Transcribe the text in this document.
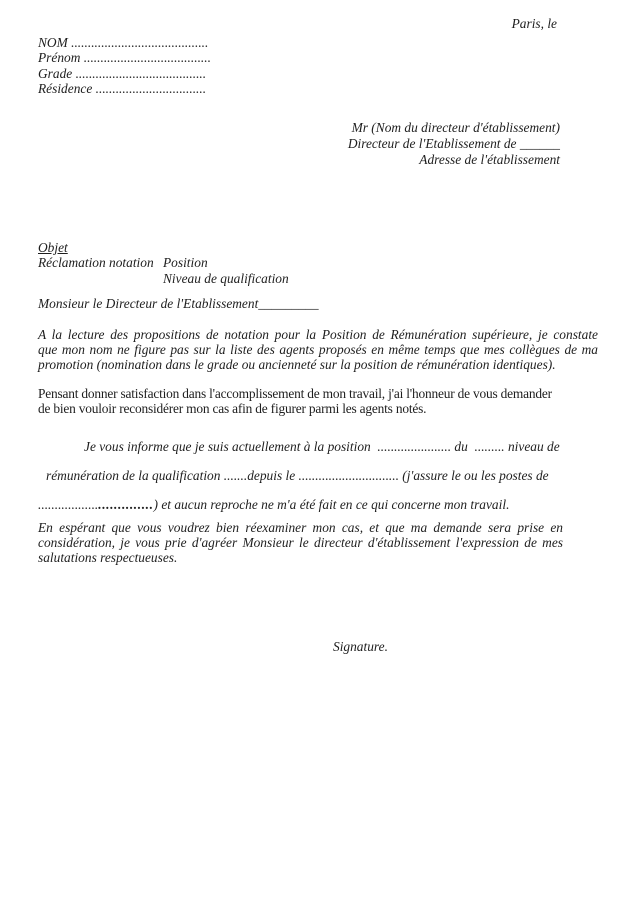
Paris, le
NOM .........................................
Prénom ......................................
Grade .......................................
Résidence .................................
Mr (Nom du directeur d'établissement)
Directeur de l'Etablissement de ______
Adresse de l'établissement
Objet
Réclamation notation Position
Niveau de qualification
Monsieur le Directeur de l'Etablissement_________
A la lecture des propositions de notation pour la Position de Rémunération supérieure, je constate
que mon nom ne figure pas sur la liste des agents proposés en même temps que mes collègues de ma
promotion (nomination dans le grade ou ancienneté sur la position de rémunération identiques).
Pensant donner satisfaction dans l'accomplissement de mon travail, j'ai l'honneur de vous demander
de bien vouloir reconsidérer mon cas afin de figurer parmi les agents notés.
Je vous informe que je suis actuellement à la position  ...................... du  ......... niveau de
rémunération de la qualification .......depuis le .............................. (j'assure le ou les postes de
................................) et aucun reproche ne m'a été fait en ce qui concerne mon travail.
En espérant que vous voudrez bien réexaminer mon cas, et que ma demande sera prise en
considération, je vous prie d'agréer Monsieur le directeur d'établissement l'expression de mes
salutations respectueuses.
Signature.
